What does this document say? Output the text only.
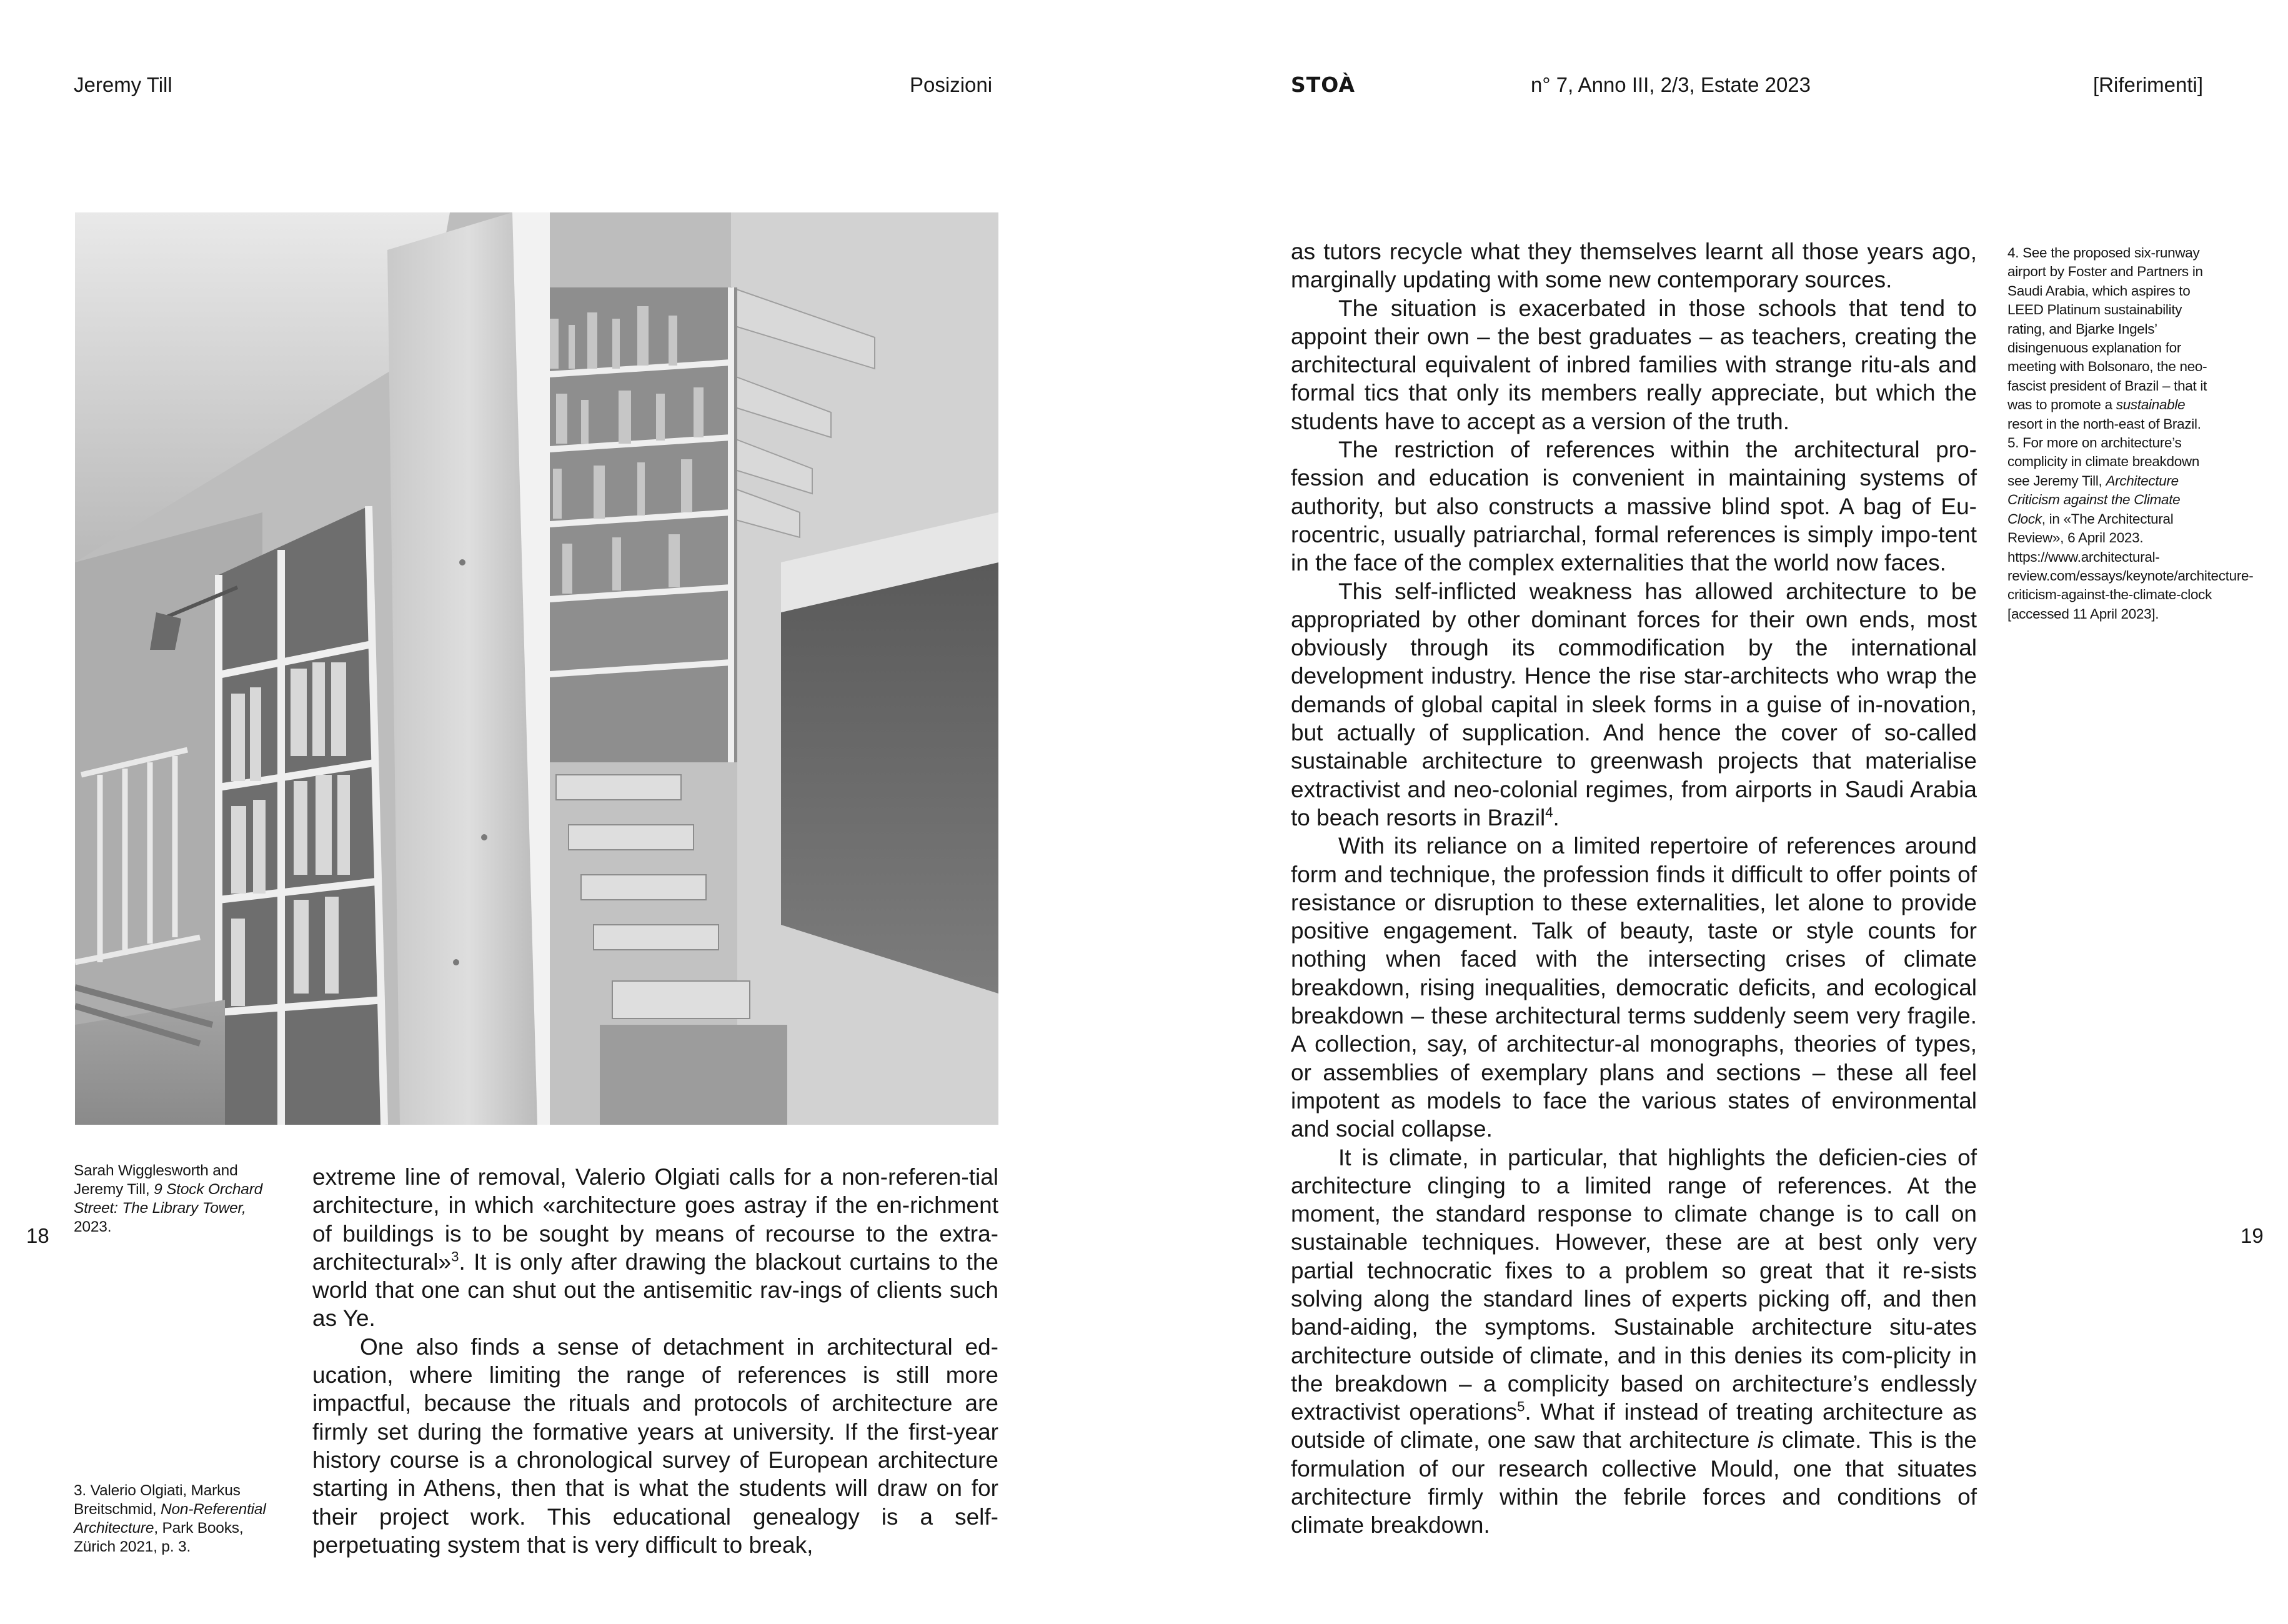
Jeremy Till	Posizioni	STOÀ	n° 7, Anno III, 2/3, Estate 2023	[Riferimenti]
18	19
Sarah Wigglesworth and
Jeremy Till, 9 Stock Orchard
Street: The Library Tower,
2023.
3. Valerio Olgiati, Markus
Breitschmid, Non-Referential
Architecture, Park Books,
Zürich 2021, p. 3.

extreme line of removal, Valerio Olgiati calls for a non-referen-tial architecture, in which «architecture goes astray if the en-richment of buildings is to be sought by means of recourse to the extra-architectural»$^3$. It is only after drawing the blackout curtains to the world that one can shut out the antisemitic rav-ings of clients such as Ye.

One also finds a sense of detachment in architectural ed-ucation, where limiting the range of references is still more impactful, because the rituals and protocols of architecture are firmly set during the formative years at university. If the first-year history course is a chronological survey of European architecture starting in Athens, then that is what the students will draw on for their project work. This educational genealogy is a self-perpetuating system that is very difficult to break,

as tutors recycle what they themselves learnt all those years ago, marginally updating with some new contemporary sources.

The situation is exacerbated in those schools that tend to appoint their own – the best graduates – as teachers, creating the architectural equivalent of inbred families with strange ritu-als and formal tics that only its members really appreciate, but which the students have to accept as a version of the truth.

The restriction of references within the architectural pro-fession and education is convenient in maintaining systems of authority, but also constructs a massive blind spot. A bag of Eu-rocentric, usually patriarchal, formal references is simply impo-tent in the face of the complex externalities that the world now faces.

This self-inflicted weakness has allowed architecture to be appropriated by other dominant forces for their own ends, most obviously through its commodification by the international development industry. Hence the rise star-architects who wrap the demands of global capital in sleek forms in a guise of in-novation, but actually of supplication. And hence the cover of so-called sustainable architecture to greenwash projects that materialise extractivist and neo-colonial regimes, from airports in Saudi Arabia to beach resorts in Brazil$^4$.

With its reliance on a limited repertoire of references around form and technique, the profession finds it difficult to offer points of resistance or disruption to these externalities, let alone to provide positive engagement. Talk of beauty, taste or style counts for nothing when faced with the intersecting crises of climate breakdown, rising inequalities, democratic deficits, and ecological breakdown – these architectural terms suddenly seem very fragile. A collection, say, of architectur-al monographs, theories of types, or assemblies of exemplary plans and sections – these all feel impotent as models to face the various states of environmental and social collapse.

It is climate, in particular, that highlights the deficien-cies of architecture clinging to a limited range of references. At the moment, the standard response to climate change is to call on sustainable techniques. However, these are at best only very partial technocratic fixes to a problem so great that it re-sists solving along the standard lines of experts picking off, and then band-aiding, the symptoms. Sustainable architecture situ-ates architecture outside of climate, and in this denies its com-plicity in the breakdown – a complicity based on architecture’s endlessly extractivist operations$^5$. What if instead of treating architecture as outside of climate, one saw that architecture is climate. This is the formulation of our research collective Mould, one that situates architecture firmly within the febrile forces and conditions of climate breakdown.

4. See the proposed six-runway airport by Foster and Partners in Saudi Arabia, which aspires to LEED Platinum sustainability rating, and Bjarke Ingels’ disingenuous explanation for meeting with Bolsonaro, the neo-fascist president of Brazil – that it was to promote a sustainable resort in the north-east of Brazil.

5. For more on architecture’s complicity in climate breakdown see Jeremy Till, Architecture Criticism against the Climate Clock, in «The Architectural Review», 6 April 2023. https://www.architectural-review.com/essays/keynote/architecture-criticism-against-the-climate-clock [accessed 11 April 2023].
